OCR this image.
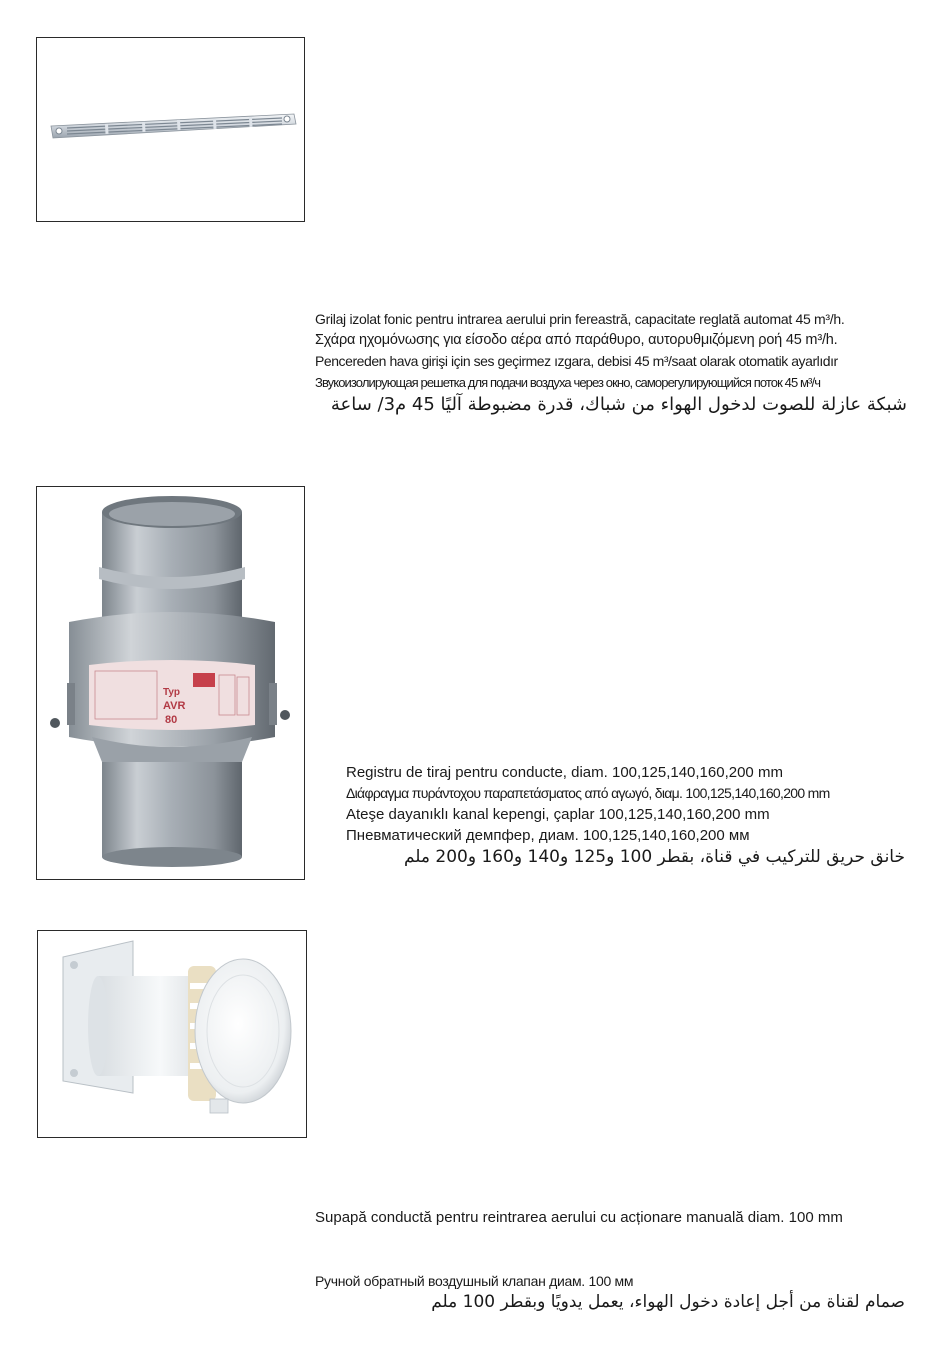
Grilaj izolat fonic pentru intrarea aerului prin fereastră, capacitate reglată automat 45 m³/h.

Σχάρα ηχομόνωσης για είσοδο αέρα από παράθυρο, αυτορυθμιζόμενη ροή 45 m³/h.

Pencereden hava girişi için ses geçirmez ızgara, debisi 45 m³/saat olarak otomatik ayarlıdır

Звукоизолирующая решетка для подачи воздуха через окно, саморегулирующийся поток 45 м³/ч

شبكة عازلة للصوت لدخول الهواء من شباك، قدرة مضبوطة آليًا 45 م3/ ساعة
Typ
AVR
80

Registru de tiraj pentru conducte, diam. 100,125,140,160,200 mm

Διάφραγμα πυράντοχου παραπετάσματος από αγωγό, διαμ. 100,125,140,160,200 mm

Ateşe dayanıklı kanal kepengi, çaplar 100,125,140,160,200 mm

Пневматический демпфер, диам. 100,125,140,160,200 мм

خانق حريق للتركيب في قناة، بقطر 100 و125 و140 و160 و200 ملم
Supapă conductă pentru reintrarea aerului cu acționare manuală diam. 100 mm
Ручной обратный воздушный клапан диам. 100 мм
صمام لقناة من أجل إعادة دخول الهواء، يعمل يدويًا وبقطر 100 ملم
